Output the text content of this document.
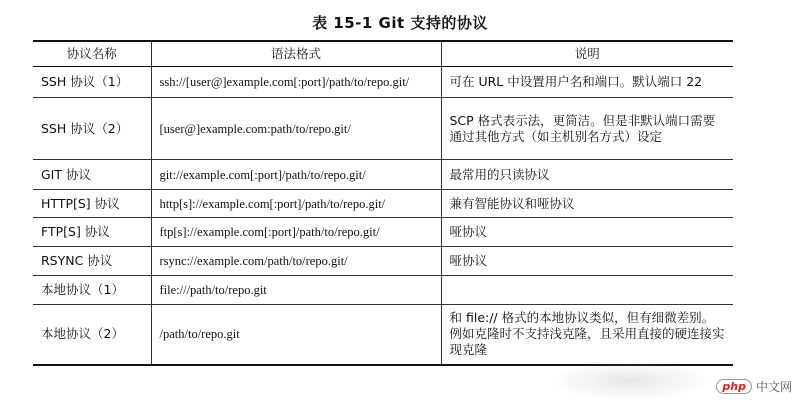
表 15-1 Git 支持的协议
协议名称	语法格式	说明
SSH 协议（1）	ssh://[user@]example.com[:port]/path/to/repo.git/	可在 URL 中设置用户名和端口。默认端口 22
SSH 协议（2）	[user@]example.com:path/to/repo.git/	SCP 格式表示法，更简洁。但是非默认端口需要通过其他方式（如主机别名方式）设定
GIT 协议	git://example.com[:port]/path/to/repo.git/	最常用的只读协议
HTTP[S] 协议	http[s]://example.com[:port]/path/to/repo.git/	兼有智能协议和哑协议
FTP[S] 协议	ftp[s]://example.com[:port]/path/to/repo.git/	哑协议
RSYNC 协议	rsync://example.com/path/to/repo.git/	哑协议
本地协议（1）	file:///path/to/repo.git	
本地协议（2）	/path/to/repo.git	和 file:// 格式的本地协议类似，但有细微差别。例如克隆时不支持浅克隆，且采用直接的硬连接实现克隆
php 中文网
